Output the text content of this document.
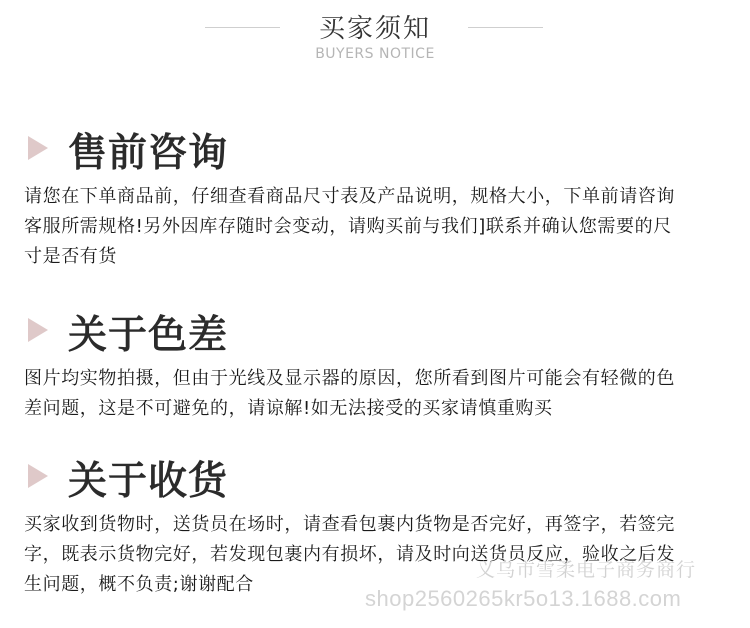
买家须知
BUYERS NOTICE
售前咨询
请您在下单商品前，仔细查看商品尺寸表及产品说明，规格大小，下单前请咨询
客服所需规格!另外因库存随时会变动，请购买前与我们]联系并确认您需要的尺
寸是否有货
关于色差
图片均实物拍摄，但由于光线及显示器的原因，您所看到图片可能会有轻微的色
差问题，这是不可避免的，请谅解!如无法接受的买家请慎重购买
关于收货
买家收到货物时，送货员在场时，请查看包裹内货物是否完好，再签字，若签完
字，既表示货物完好，若发现包裹内有损坏，请及时向送货员反应，验收之后发
生问题，概不负责;谢谢配合
义乌市雪柔电子商务商行
shop2560265kr5o13.1688.com
